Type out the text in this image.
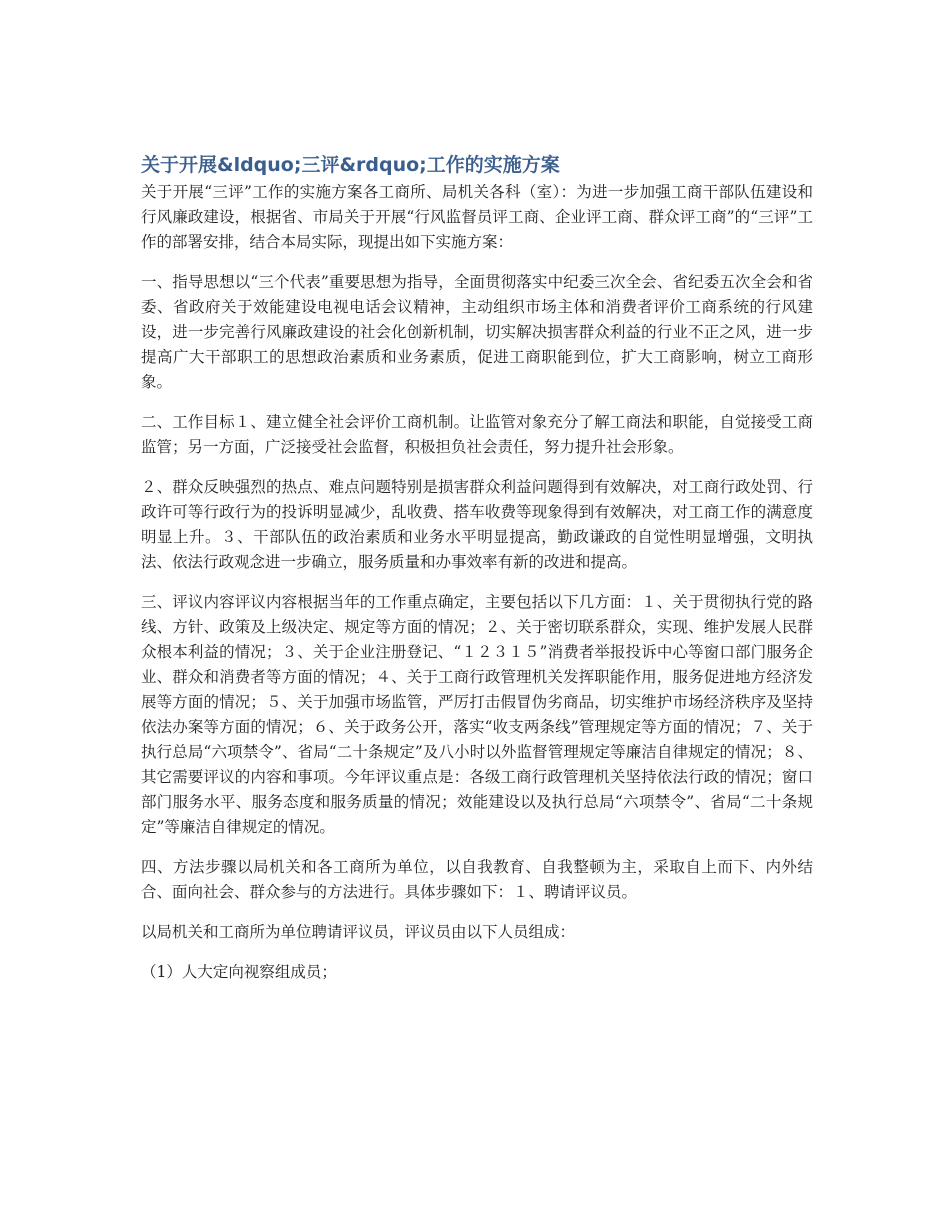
关于开展&ldquo;三评&rdquo;工作的实施方案

关于开展“三评”工作的实施方案各工商所、局机关各科（室）：为进一步加强工商干部队伍建设和行风廉政建设，根据省、市局关于开展“行风监督员评工商、企业评工商、群众评工商”的“三评”工作的部署安排，结合本局实际，现提出如下实施方案：

一、指导思想以“三个代表”重要思想为指导，全面贯彻落实中纪委三次全会、省纪委五次全会和省委、省政府关于效能建设电视电话会议精神，主动组织市场主体和消费者评价工商系统的行风建设，进一步完善行风廉政建设的社会化创新机制，切实解决损害群众利益的行业不正之风，进一步提高广大干部职工的思想政治素质和业务素质，促进工商职能到位，扩大工商影响，树立工商形象。

二、工作目标１、建立健全社会评价工商机制。让监管对象充分了解工商法和职能，自觉接受工商监管；另一方面，广泛接受社会监督，积极担负社会责任，努力提升社会形象。

２、群众反映强烈的热点、难点问题特别是损害群众利益问题得到有效解决，对工商行政处罚、行政许可等行政行为的投诉明显减少，乱收费、搭车收费等现象得到有效解决，对工商工作的满意度明显上升。３、干部队伍的政治素质和业务水平明显提高，勤政谦政的自觉性明显增强，文明执法、依法行政观念进一步确立，服务质量和办事效率有新的改进和提高。

三、评议内容评议内容根据当年的工作重点确定，主要包括以下几方面：１、关于贯彻执行党的路线、方针、政策及上级决定、规定等方面的情况；２、关于密切联系群众，实现、维护发展人民群众根本利益的情况；３、关于企业注册登记、“１２３１５”消费者举报投诉中心等窗口部门服务企业、群众和消费者等方面的情况；４、关于工商行政管理机关发挥职能作用，服务促进地方经济发展等方面的情况；５、关于加强市场监管，严厉打击假冒伪劣商品，切实维护市场经济秩序及坚持依法办案等方面的情况；６、关于政务公开，落实“收支两条线”管理规定等方面的情况；７、关于执行总局“六项禁令”、省局“二十条规定”及八小时以外监督管理规定等廉洁自律规定的情况；８、其它需要评议的内容和事项。今年评议重点是：各级工商行政管理机关坚持依法行政的情况；窗口部门服务水平、服务态度和服务质量的情况；效能建设以及执行总局“六项禁令”、省局“二十条规定”等廉洁自律规定的情况。

四、方法步骤以局机关和各工商所为单位，以自我教育、自我整顿为主，采取自上而下、内外结合、面向社会、群众参与的方法进行。具体步骤如下：１、聘请评议员。

以局机关和工商所为单位聘请评议员，评议员由以下人员组成：

（1）人大定向视察组成员；
